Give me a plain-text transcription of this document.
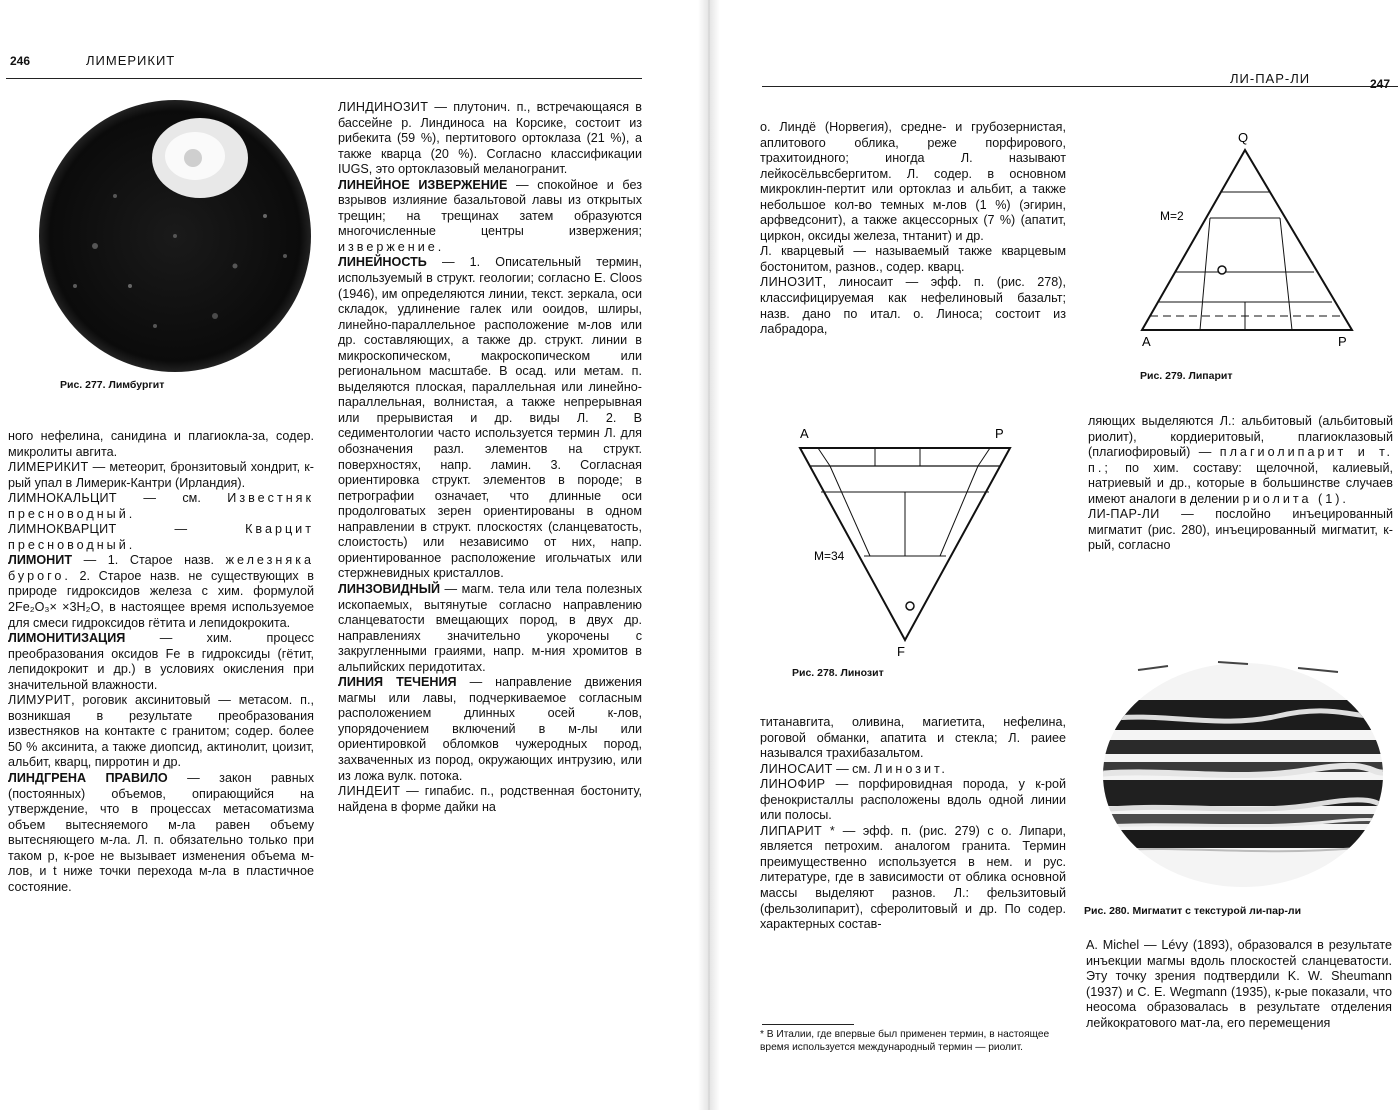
246	ЛИМЕРИКИТ
Рис. 277. Лимбургит

ного нефелина, санидина и плагиокла-за, содер. микролиты авгита.

ЛИМЕРИКИТ — метеорит, бронзитовый хондрит, к-рый упал в Лимерик-Кантри (Ирландия).

ЛИМНОКАЛЬЦИТ — см. Известняк пресноводный.

ЛИМНОКВАРЦИТ — Кварцит пресноводный.

ЛИМОНИТ — 1. Старое назв. железняка бурого. 2. Старое назв. не существующих в природе гидроксидов железа с хим. формулой 2Fe₂O₃× ×3H₂O, в настоящее время используемое для смеси гидроксидов гётита и лепидокрокита.

ЛИМОНИТИЗАЦИЯ — хим. процесс преобразования оксидов Fe в гидроксиды (гётит, лепидокрокит и др.) в условиях окисления при значительной влажности.

ЛИМУРИТ, роговик аксинитовый — метасом. п., возникшая в результате преобразования известняков на контакте с гранитом; содер. более 50 % аксинита, а также диопсид, актинолит, цоизит, альбит, кварц, пирротин и др.

ЛИНДГРЕНА ПРАВИЛО — закон равных (постоянных) объемов, опирающийся на утверждение, что в процессах метасоматизма объем вытесняемого м-ла равен объему вытесняющего м-ла. Л. п. обязательно только при таком p, к-рое не вызывает изменения объема м-лов, и t ниже точки перехода м-ла в пластичное состояние.

ЛИНДИНОЗИТ — плутонич. п., встречающаяся в бассейне р. Линдиноса на Корсике, состоит из рибекита (59 %), пертитового ортоклаза (21 %), а также кварца (20 %). Согласно классификации IUGS, это ортоклазовый меланогранит.

ЛИНЕЙНОЕ ИЗВЕРЖЕНИЕ — спокойное и без взрывов излияние базальтовой лавы из открытых трещин; на трещинах затем образуются многочисленные центры извержения; извержение.

ЛИНЕЙНОСТЬ — 1. Описательный термин, используемый в структ. геологии; согласно E. Cloos (1946), им определяются линии, текст. зеркала, оси складок, удлинение галек или ооидов, шлиры, линейно-параллельное расположение м-лов или др. составляющих, а также др. структ. линии в микроскопическом, макроскопическом или региональном масштабе. В осад. или метам. п. выделяются плоская, параллельная или линейно-параллельная, волнистая, а также непрерывная или прерывистая и др. виды Л. 2. В седиментологии часто используется термин Л. для обозначения разл. элементов на структ. поверхностях, напр. ламин. 3. Согласная ориентировка структ. элементов в породе; в петрографии означает, что длинные оси продолговатых зерен ориентированы в одном направлении в структ. плоскостях (сланцеватость, слоистость) или независимо от них, напр. ориентированное расположение игольчатых или стержневидных кристаллов.

ЛИНЗОВИДНЫЙ — магм. тела или тела полезных ископаемых, вытянутые согласно направлению сланцеватости вмещающих пород, в двух др. направлениях значительно укорочены с закругленными граиями, напр. м-ния хромитов в альпийских перидотитах.

ЛИНИЯ ТЕЧЕНИЯ — направление движения магмы или лавы, подчеркиваемое согласным расположением длинных осей к-лов, упорядочением включений в м-лы или ориентировкой обломков чужеродных пород, захваченных из пород, окружающих интрузию, или из ложа вулк. потока.

ЛИНДЕИТ — гипабис. п., родственная бостониту, найдена в форме дайки на

ЛИ-ПАР-ЛИ	247

о. Линдё (Норвегия), средне- и грубозернистая, аплитового облика, реже порфирового, трахитоидного; иногда Л. называют лейкосёльвсбергитом. Л. содер. в основном микроклин-пертит или ортоклаз и альбит, а также небольшое кол-во темных м-лов (1 %) (эгирин, арфведсонит), а также акцессорных (7 %) (апатит, циркон, оксиды железа, тнтанит) и др.

Л. кварцевый — называемый также кварцевым бостонитом, разнов., содер. кварц.

ЛИНОЗИТ, линосаит — эфф. п. (рис. 278), классифицируемая как нефелиновый базальт; назв. дано по итал. о. Линоса; состоит из лабрадора,

A	P
F
M=34
Рис. 278. Линозит

титанавгита, оливина, магиетита, нефелина, роговой обманки, апатита и стекла; Л. раиее назывался трахибазальтом.

ЛИНОСАИТ — см. Линозит.

ЛИНОФИР — порфировидная порода, у к-рой фенокристаллы расположены вдоль одной линии или полосы.

ЛИПАРИТ * — эфф. п. (рис. 279) с о. Липари, является петрохим. аналогом гранита. Термин преимущественно используется в нем. и рус. литературе, где в зависимости от облика основной массы выделяют разнов. Л.: фельзитовый (фельзолипарит), сферолитовый и др. По содер. характерных состав-

* В Италии, где впервые был применен термин, в настоящее время используется международный термин — риолит.
Q
A	P
M=2
Рис. 279. Липарит

ляющих выделяются Л.: альбитовый (альбитовый риолит), кордиеритовый, плагиоклазовый (плагиофировый) — плагиолипарит и т. п.; по хим. составу: щелочной, калиевый, натриевый и др., которые в большинстве случаев имеют аналоги в делении риолита (1).

ЛИ-ПАР-ЛИ — послойно инъецированный мигматит (рис. 280), инъецированный мигматит, к-рый, согласно

Рис. 280. Мигматит с текстурой ли-пар-ли

A. Michel — Lévy (1893), образовался в результате инъекции магмы вдоль плоскостей сланцеватости. Эту точку зрения подтвердили K. W. Sheumann (1937) и C. E. Wegmann (1935), к-рые показали, что неосома образовалась в результате отделения лейкократового мат-ла, его перемещения
